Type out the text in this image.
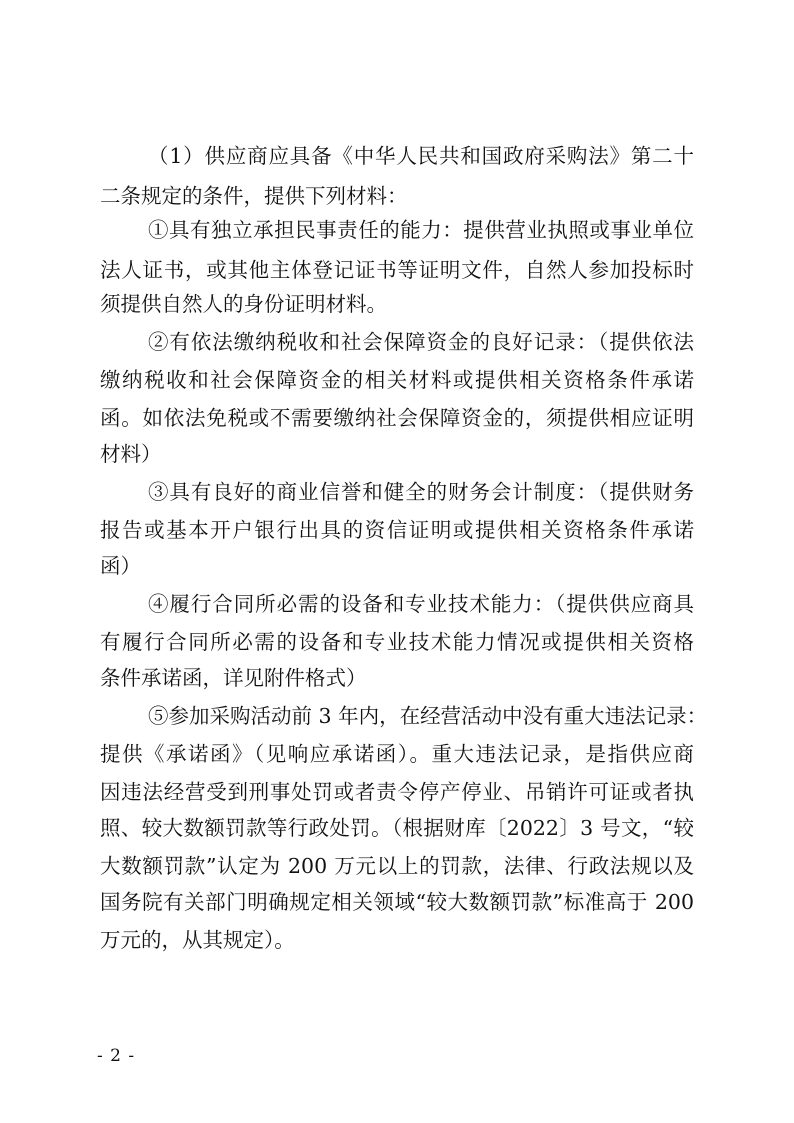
（1）供应商应具备《中华人民共和国政府采购法》第二十
二条规定的条件，提供下列材料：
①具有独立承担民事责任的能力：提供营业执照或事业单位
法人证书，或其他主体登记证书等证明文件，自然人参加投标时
须提供自然人的身份证明材料。
②有依法缴纳税收和社会保障资金的良好记录：（提供依法
缴纳税收和社会保障资金的相关材料或提供相关资格条件承诺
函。如依法免税或不需要缴纳社会保障资金的，须提供相应证明
材料）
③具有良好的商业信誉和健全的财务会计制度：（提供财务
报告或基本开户银行出具的资信证明或提供相关资格条件承诺
函）
④履行合同所必需的设备和专业技术能力：（提供供应商具
有履行合同所必需的设备和专业技术能力情况或提供相关资格
条件承诺函，详见附件格式）
⑤参加采购活动前 3 年内，在经营活动中没有重大违法记录：
提供《承诺函》（见响应承诺函）。重大违法记录，是指供应商
因违法经营受到刑事处罚或者责令停产停业、吊销许可证或者执
照、较大数额罚款等行政处罚。（根据财库〔2022〕3 号文，“较
大数额罚款”认定为 200 万元以上的罚款，法律、行政法规以及
国务院有关部门明确规定相关领域“较大数额罚款”标准高于 200
万元的，从其规定）。
- 2 -
